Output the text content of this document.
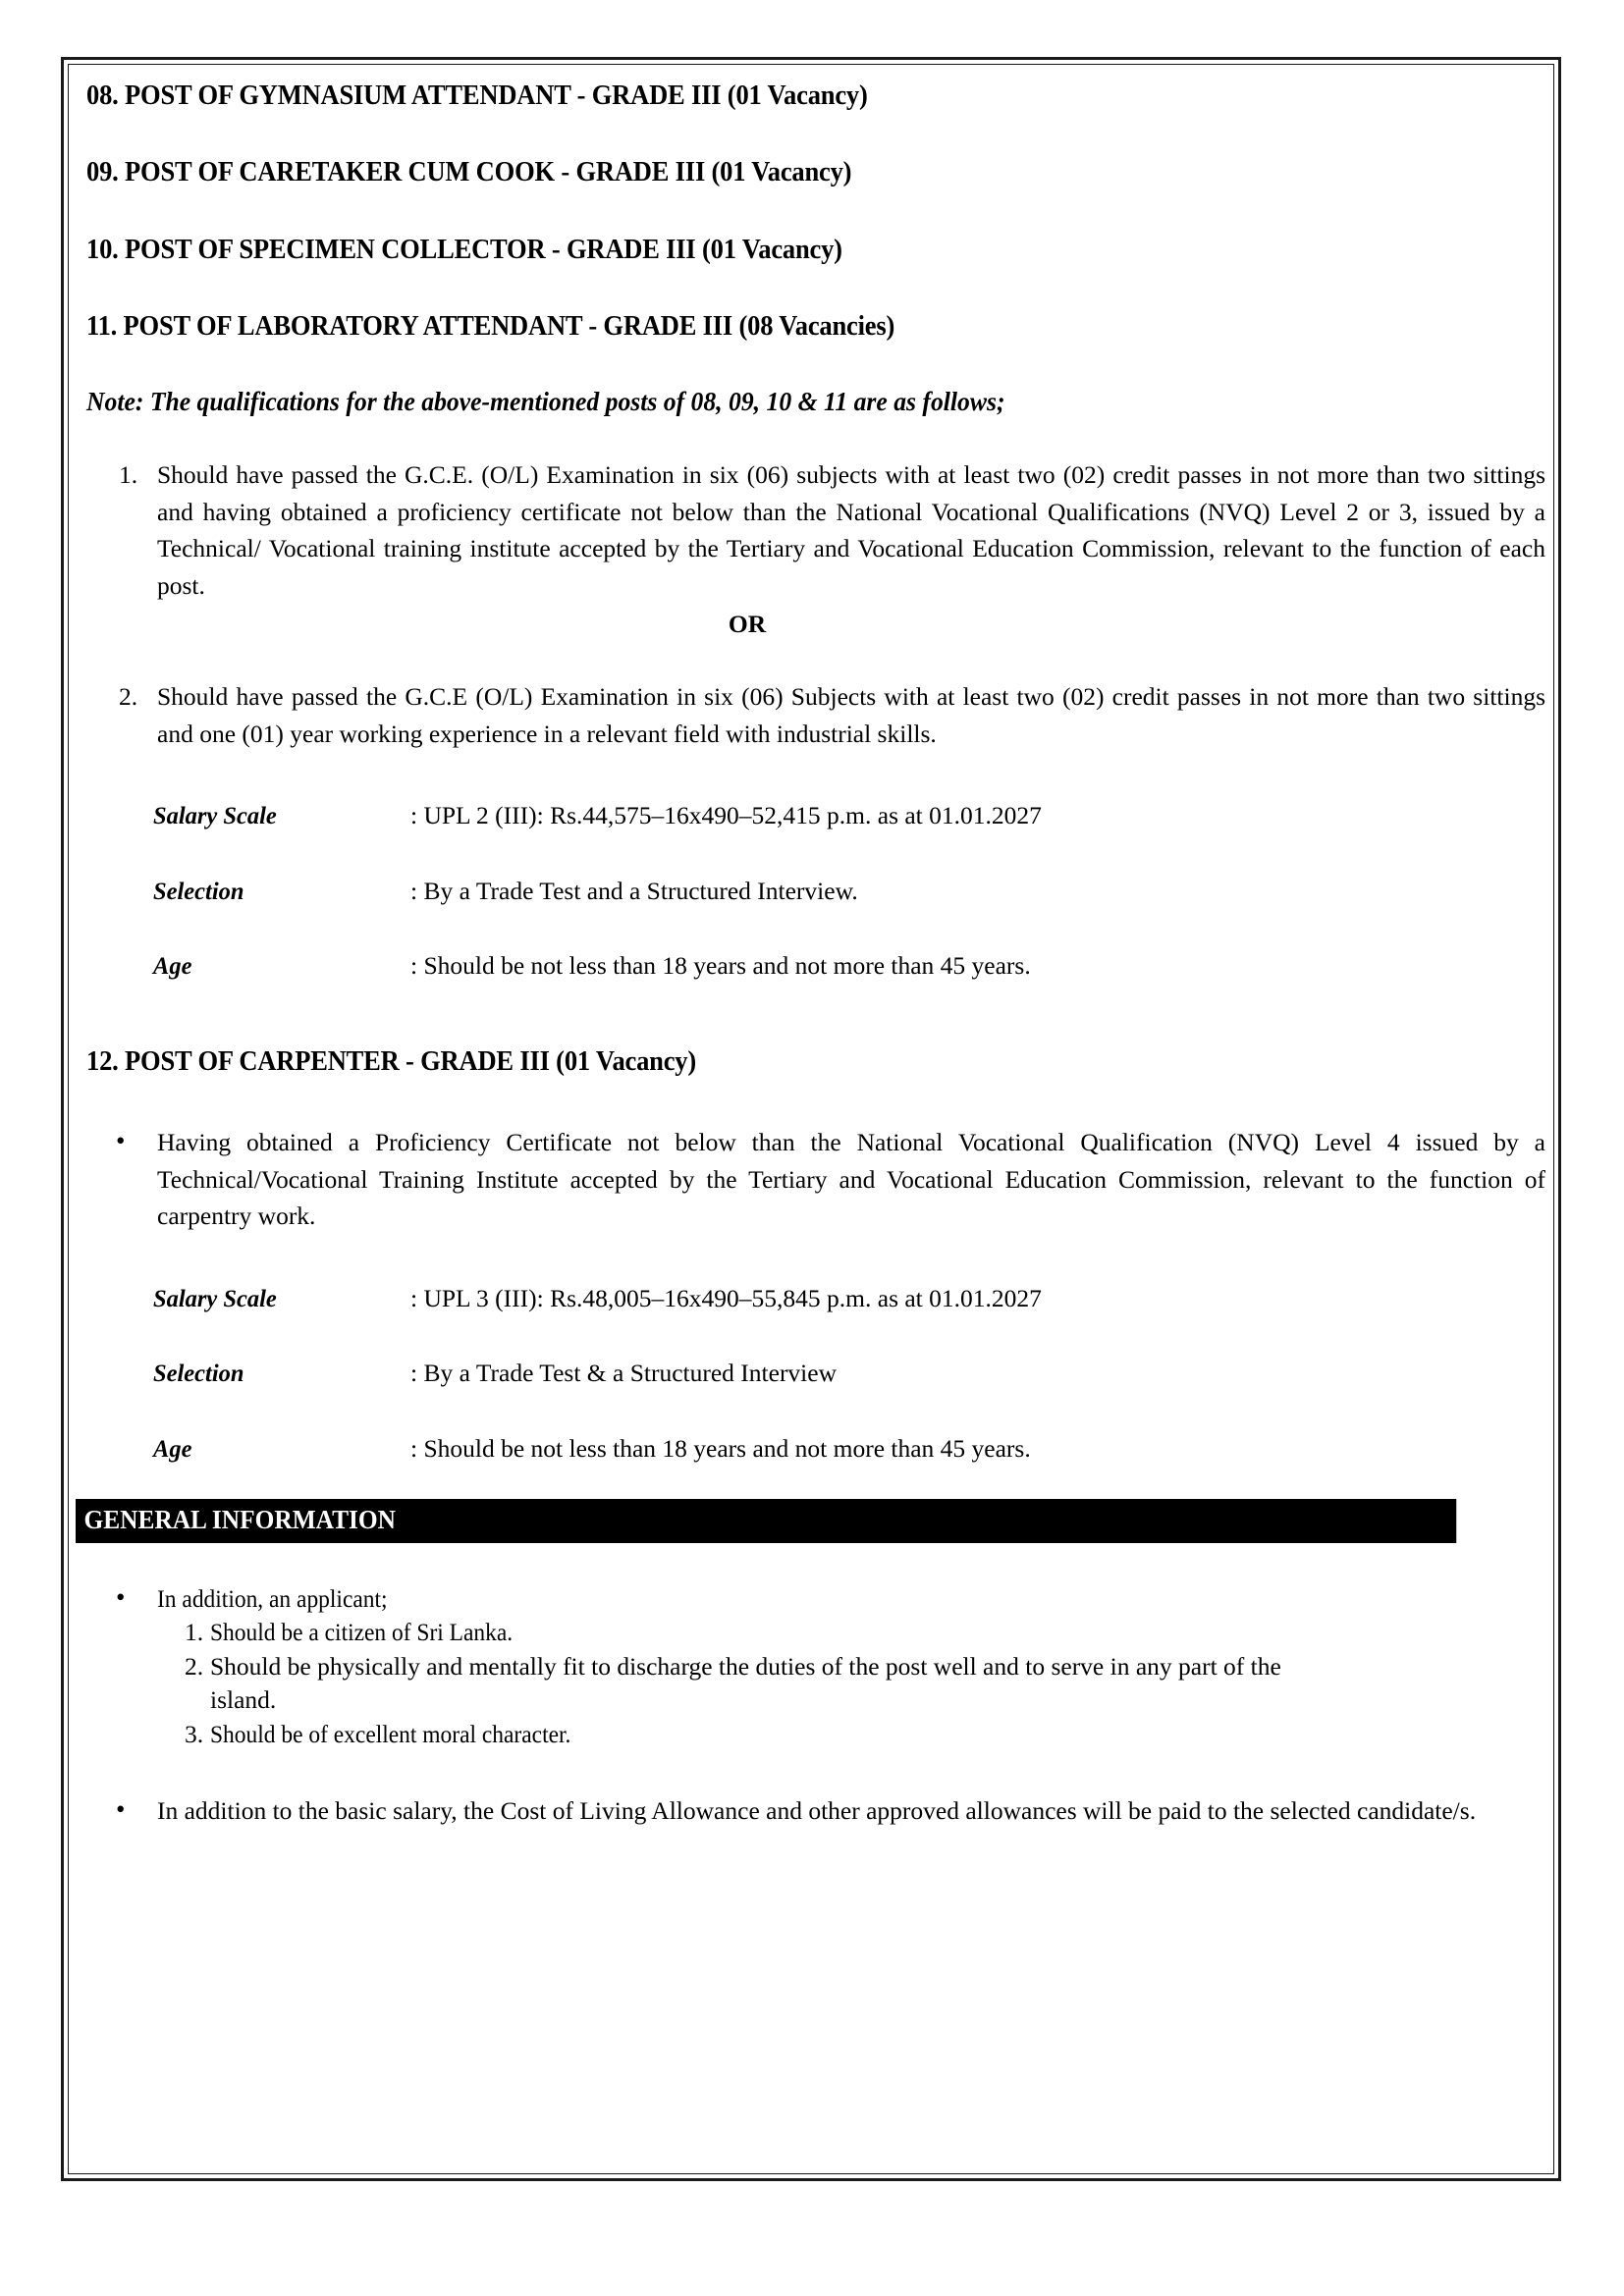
08. POST OF GYMNASIUM ATTENDANT - GRADE III (01 Vacancy)
09. POST OF CARETAKER CUM COOK - GRADE III (01 Vacancy)
10. POST OF SPECIMEN COLLECTOR - GRADE III (01 Vacancy)
11. POST OF LABORATORY ATTENDANT - GRADE III (08 Vacancies)
Note: The qualifications for the above-mentioned posts of 08, 09, 10 & 11 are as follows;
1. Should have passed the G.C.E. (O/L) Examination in six (06) subjects with at least two (02) credit passes in not more than two sittings and having obtained a proficiency certificate not below than the National Vocational Qualifications (NVQ) Level 2 or 3, issued by a Technical/ Vocational training institute accepted by the Tertiary and Vocational Education Commission, relevant to the function of each post.
OR
2. Should have passed the G.C.E (O/L) Examination in six (06) Subjects with at least two (02) credit passes in not more than two sittings and one (01) year working experience in a relevant field with industrial skills.
Salary Scale	: UPL 2 (III): Rs.44,575–16x490–52,415 p.m. as at 01.01.2027
Selection	: By a Trade Test and a Structured Interview.
Age	: Should be not less than 18 years and not more than 45 years.
12. POST OF CARPENTER - GRADE III (01 Vacancy)
• Having obtained a Proficiency Certificate not below than the National Vocational Qualification (NVQ) Level 4 issued by a Technical/Vocational Training Institute accepted by the Tertiary and Vocational Education Commission, relevant to the function of carpentry work.
Salary Scale	: UPL 3 (III): Rs.48,005–16x490–55,845 p.m. as at 01.01.2027
Selection	: By a Trade Test & a Structured Interview
Age	: Should be not less than 18 years and not more than 45 years.
GENERAL INFORMATION
• In addition, an applicant;
1. Should be a citizen of Sri Lanka.
2. Should be physically and mentally fit to discharge the duties of the post well and to serve in any part of the island.
3. Should be of excellent moral character.
• In addition to the basic salary, the Cost of Living Allowance and other approved allowances will be paid to the selected candidate/s.
